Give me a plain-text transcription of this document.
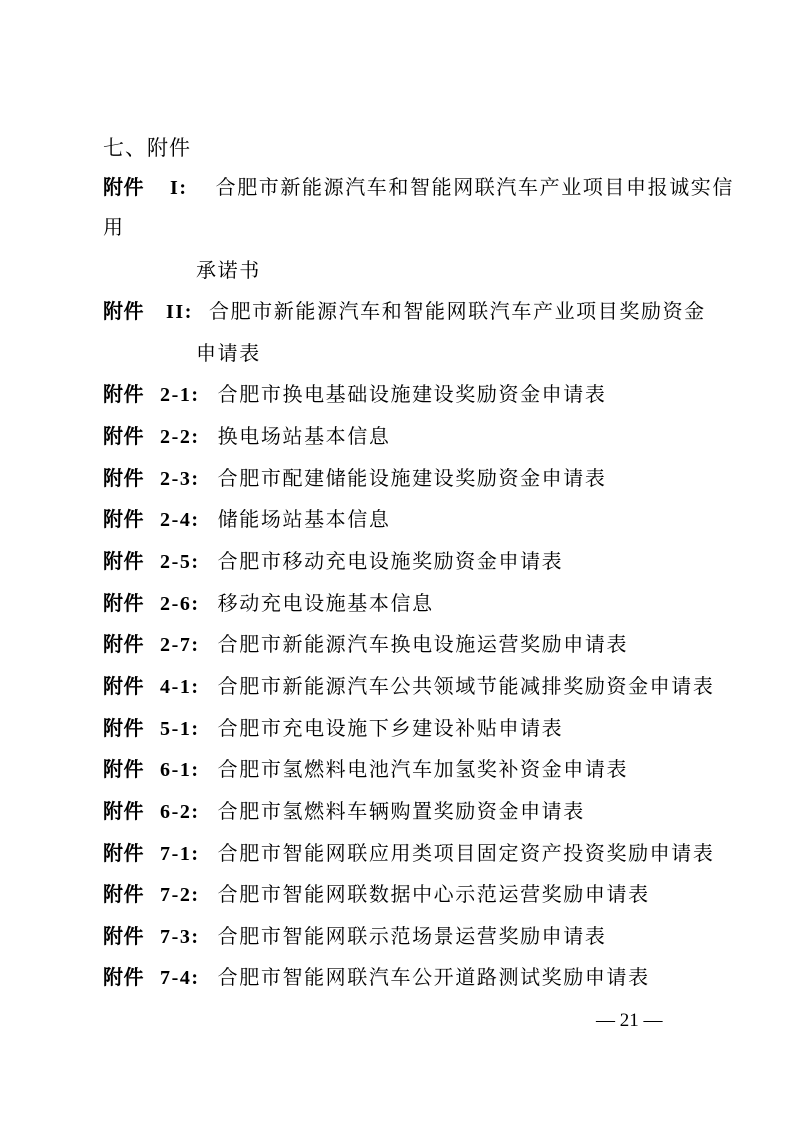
七、附件
附件 I: 合肥市新能源汽车和智能网联汽车产业项目申报诚实信
用
承诺书
附件 II: 合肥市新能源汽车和智能网联汽车产业项目奖励资金
申请表
附件 2-1: 合肥市换电基础设施建设奖励资金申请表
附件 2-2: 换电场站基本信息
附件 2-3: 合肥市配建储能设施建设奖励资金申请表
附件 2-4: 储能场站基本信息
附件 2-5: 合肥市移动充电设施奖励资金申请表
附件 2-6: 移动充电设施基本信息
附件 2-7: 合肥市新能源汽车换电设施运营奖励申请表
附件 4-1: 合肥市新能源汽车公共领域节能减排奖励资金申请表
附件 5-1: 合肥市充电设施下乡建设补贴申请表
附件 6-1: 合肥市氢燃料电池汽车加氢奖补资金申请表
附件 6-2: 合肥市氢燃料车辆购置奖励资金申请表
附件 7-1: 合肥市智能网联应用类项目固定资产投资奖励申请表
附件 7-2: 合肥市智能网联数据中心示范运营奖励申请表
附件 7-3: 合肥市智能网联示范场景运营奖励申请表
附件 7-4: 合肥市智能网联汽车公开道路测试奖励申请表
— 21 —
